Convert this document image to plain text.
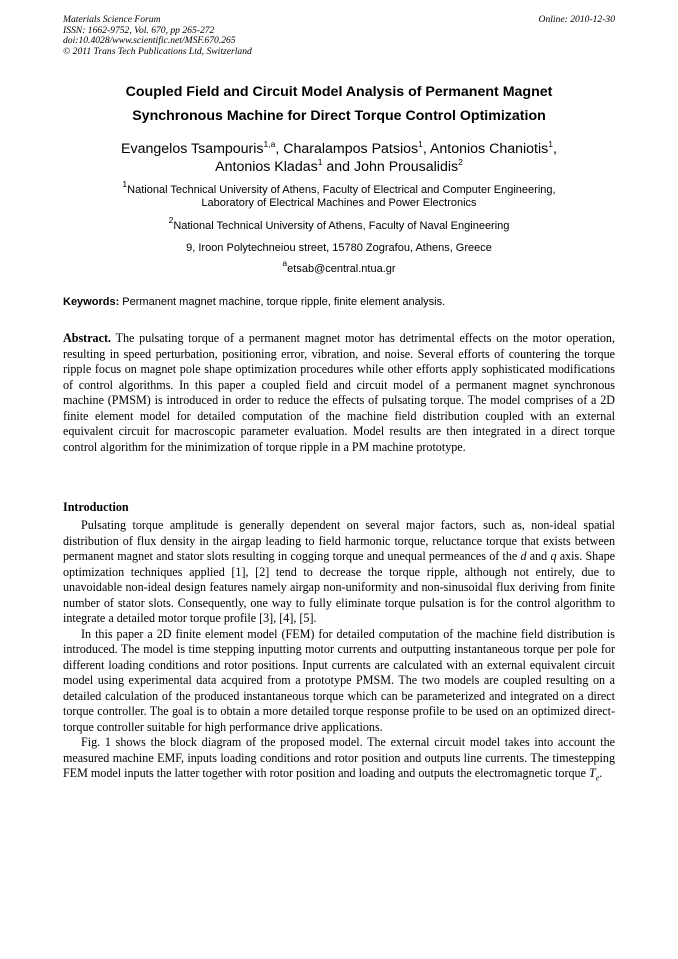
Materials Science Forum
ISSN: 1662-9752, Vol. 670, pp 265-272
doi:10.4028/www.scientific.net/MSF.670.265
© 2011 Trans Tech Publications Ltd, Switzerland
Online: 2010-12-30
Coupled Field and Circuit Model Analysis of Permanent Magnet
Synchronous Machine for Direct Torque Control Optimization
Evangelos Tsampouris$^{1,a}$, Charalampos Patsios$^1$, Antonios Chaniotis$^1$,
Antonios Kladas$^1$ and John Prousalidis$^2$
$^1$National Technical University of Athens, Faculty of Electrical and Computer Engineering,
Laboratory of Electrical Machines and Power Electronics
$^2$National Technical University of Athens, Faculty of Naval Engineering
9, Iroon Polytechneiou street, 15780 Zografou, Athens, Greece
$^a$etsab@central.ntua.gr
Keywords: Permanent magnet machine, torque ripple, finite element analysis.

Abstract. The pulsating torque of a permanent magnet motor has detrimental effects on the motor operation, resulting in speed perturbation, positioning error, vibration, and noise. Several efforts of countering the torque ripple focus on magnet pole shape optimization procedures while other efforts apply sophisticated modifications of control algorithms. In this paper a coupled field and circuit model of a permanent magnet synchronous machine (PMSM) is introduced in order to reduce the effects of pulsating torque. The model comprises of a 2D finite element model for detailed computation of the machine field distribution coupled with an external equivalent circuit for macroscopic parameter evaluation. Model results are then integrated in a direct torque control algorithm for the minimization of torque ripple in a PM machine prototype.

Introduction

Pulsating torque amplitude is generally dependent on several major factors, such as, non-ideal spatial distribution of flux density in the airgap leading to field harmonic torque, reluctance torque that exists between permanent magnet and stator slots resulting in cogging torque and unequal permeances of the d and q axis. Shape optimization techniques applied [1], [2] tend to decrease the torque ripple, although not entirely, due to unavoidable non-ideal design features namely airgap non-uniformity and non-sinusoidal flux deriving from finite number of stator slots. Consequently, one way to fully eliminate torque pulsation is for the control algorithm to integrate a detailed motor torque profile [3], [4], [5].

In this paper a 2D finite element model (FEM) for detailed computation of the machine field distribution is introduced. The model is time stepping inputting motor currents and outputting instantaneous torque per pole for different loading conditions and rotor positions. Input currents are calculated with an external equivalent circuit model using experimental data acquired from a prototype PMSM. The two models are coupled resulting on a detailed calculation of the produced instantaneous torque which can be parameterized and integrated on a direct torque controller. The goal is to obtain a more detailed torque response profile to be used on an optimized direct-torque controller suitable for high performance drive applications.

Fig. 1 shows the block diagram of the proposed model. The external circuit model takes into account the measured machine EMF, inputs loading conditions and rotor position and outputs line currents. The timestepping FEM model inputs the latter together with rotor position and loading and outputs the electromagnetic torque $T_e$.
